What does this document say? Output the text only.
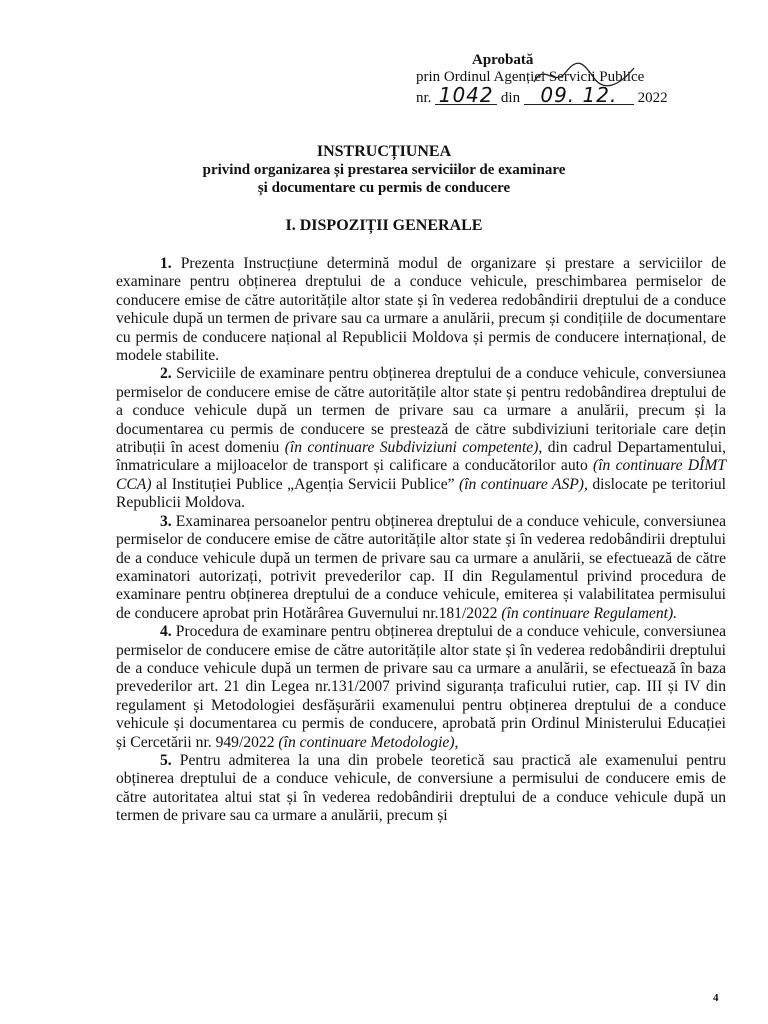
Aprobată
prin Ordinul Agenției Servicii Publice
nr. 1042 din 09. 12. 2022
INSTRUCȚIUNEA
privind organizarea și prestarea serviciilor de examinare
și documentare cu permis de conducere
I. DISPOZIȚII GENERALE

1. Prezenta Instrucțiune determină modul de organizare și prestare a serviciilor de examinare pentru obținerea dreptului de a conduce vehicule, preschimbarea permiselor de conducere emise de către autoritățile altor state și în vederea redobândirii dreptului de a conduce vehicule după un termen de privare sau ca urmare a anulării, precum și condițiile de documentare cu permis de conducere național al Republicii Moldova și permis de conducere internațional, de modele stabilite.

2. Serviciile de examinare pentru obținerea dreptului de a conduce vehicule, conversiunea permiselor de conducere emise de către autoritățile altor state și pentru redobândirea dreptului de a conduce vehicule după un termen de privare sau ca urmare a anulării, precum și la documentarea cu permis de conducere se prestează de către subdiviziuni teritoriale care dețin atribuții în acest domeniu (în continuare Subdiviziuni competente), din cadrul Departamentului, înmatriculare a mijloacelor de transport și calificare a conducătorilor auto (în continuare DÎMT CCA) al Instituției Publice „Agenția Servicii Publice” (în continuare ASP), dislocate pe teritoriul Republicii Moldova.

3. Examinarea persoanelor pentru obținerea dreptului de a conduce vehicule, conversiunea permiselor de conducere emise de către autoritățile altor state și în vederea redobândirii dreptului de a conduce vehicule după un termen de privare sau ca urmare a anulării, se efectuează de către examinatori autorizați, potrivit prevederilor cap. II din Regulamentul privind procedura de examinare pentru obținerea dreptului de a conduce vehicule, emiterea și valabilitatea permisului de conducere aprobat prin Hotărârea Guvernului nr.181/2022 (în continuare Regulament).

4. Procedura de examinare pentru obținerea dreptului de a conduce vehicule, conversiunea permiselor de conducere emise de către autoritățile altor state și în vederea redobândirii dreptului de a conduce vehicule după un termen de privare sau ca urmare a anulării, se efectuează în baza prevederilor art. 21 din Legea nr.131/2007 privind siguranța traficului rutier, cap. III și IV din regulament și Metodologiei desfășurării examenului pentru obținerea dreptului de a conduce vehicule și documentarea cu permis de conducere, aprobată prin Ordinul Ministerului Educației și Cercetării nr. 949/2022 (în continuare Metodologie),

5. Pentru admiterea la una din probele teoretică sau practică ale examenului pentru obținerea dreptului de a conduce vehicule, de conversiune a permisului de conducere emis de către autoritatea altui stat și în vederea redobândirii dreptului de a conduce vehicule după un termen de privare sau ca urmare a anulării, precum și

4
